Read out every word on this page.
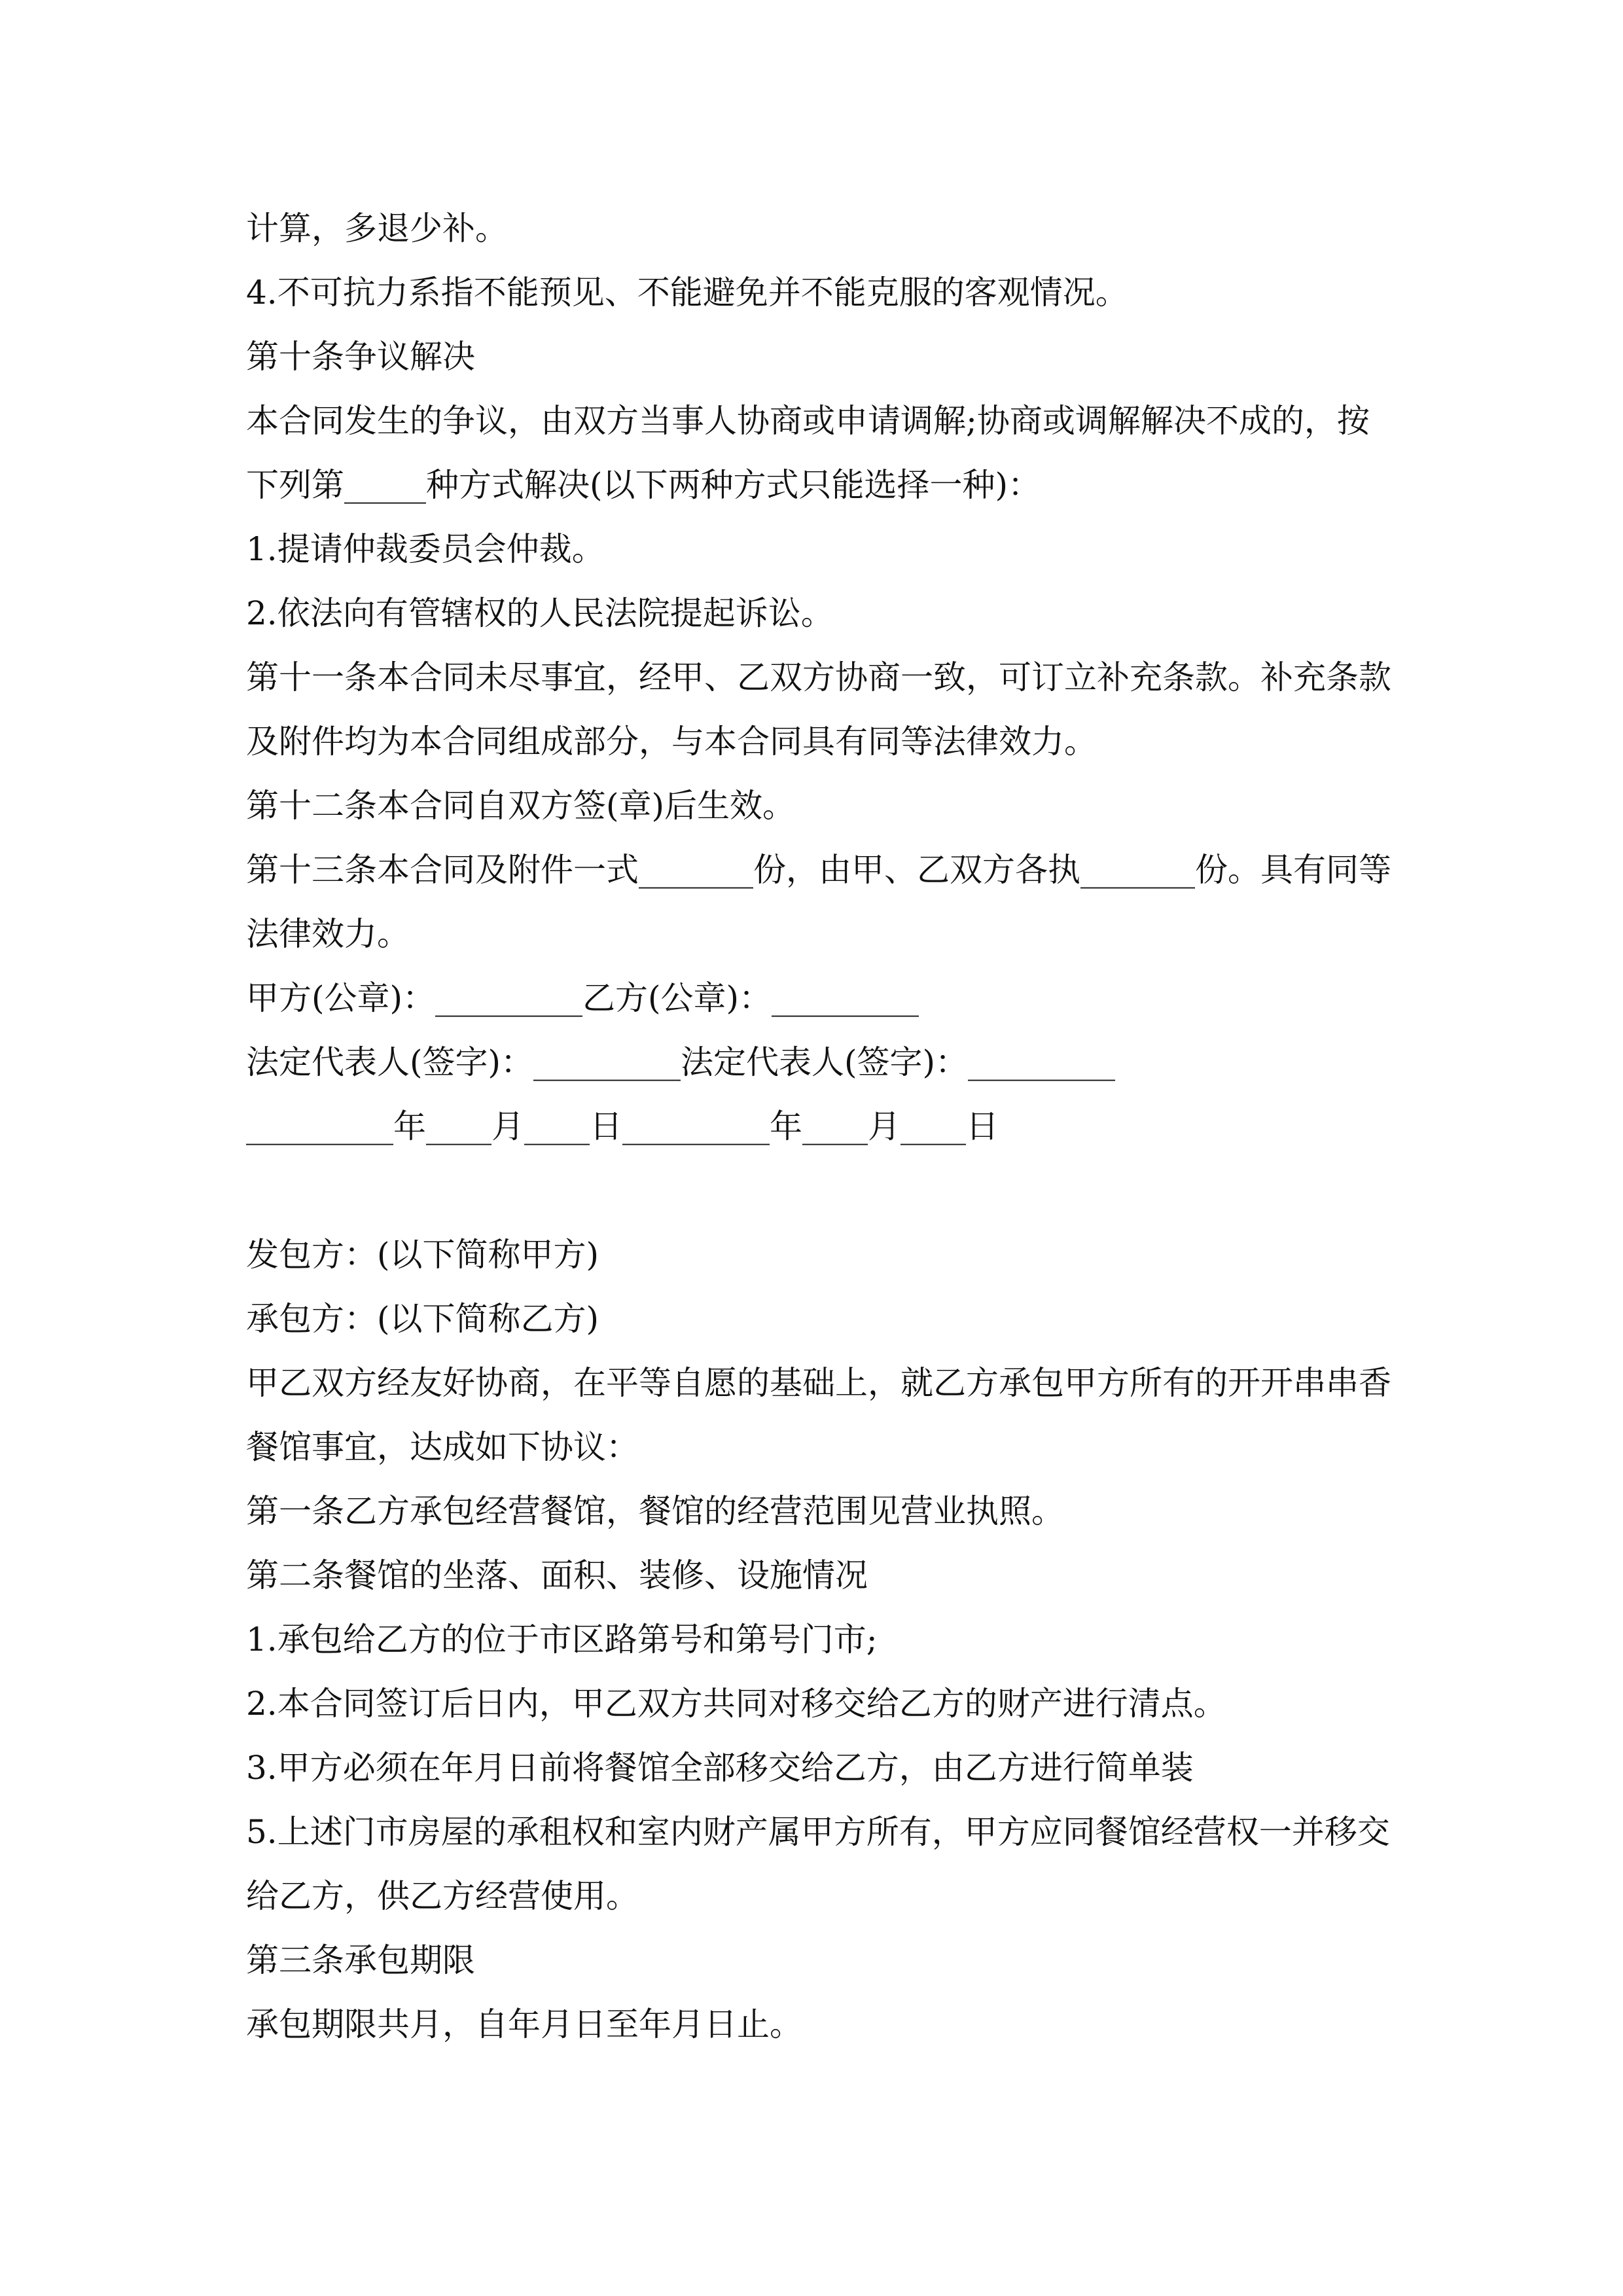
计算，多退少补。
4.不可抗力系指不能预见、不能避免并不能克服的客观情况。
第十条争议解决
本合同发生的争议，由双方当事人协商或申请调解;协商或调解解决不成的，按
下列第_____种方式解决(以下两种方式只能选择一种)：
1.提请仲裁委员会仲裁。
2.依法向有管辖权的人民法院提起诉讼。
第十一条本合同未尽事宜，经甲、乙双方协商一致，可订立补充条款。补充条款
及附件均为本合同组成部分，与本合同具有同等法律效力。
第十二条本合同自双方签(章)后生效。
第十三条本合同及附件一式_______份，由甲、乙双方各执_______份。具有同等
法律效力。
甲方(公章)：_________乙方(公章)：_________
法定代表人(签字)：_________法定代表人(签字)：_________
_________年____月____日_________年____月____日
发包方：(以下简称甲方)
承包方：(以下简称乙方)
甲乙双方经友好协商，在平等自愿的基础上，就乙方承包甲方所有的开开串串香
餐馆事宜，达成如下协议：
第一条乙方承包经营餐馆，餐馆的经营范围见营业执照。
第二条餐馆的坐落、面积、装修、设施情况
1.承包给乙方的位于市区路第号和第号门市;
2.本合同签订后日内，甲乙双方共同对移交给乙方的财产进行清点。
3.甲方必须在年月日前将餐馆全部移交给乙方，由乙方进行简单装
5.上述门市房屋的承租权和室内财产属甲方所有，甲方应同餐馆经营权一并移交
给乙方，供乙方经营使用。
第三条承包期限
承包期限共月，自年月日至年月日止。
